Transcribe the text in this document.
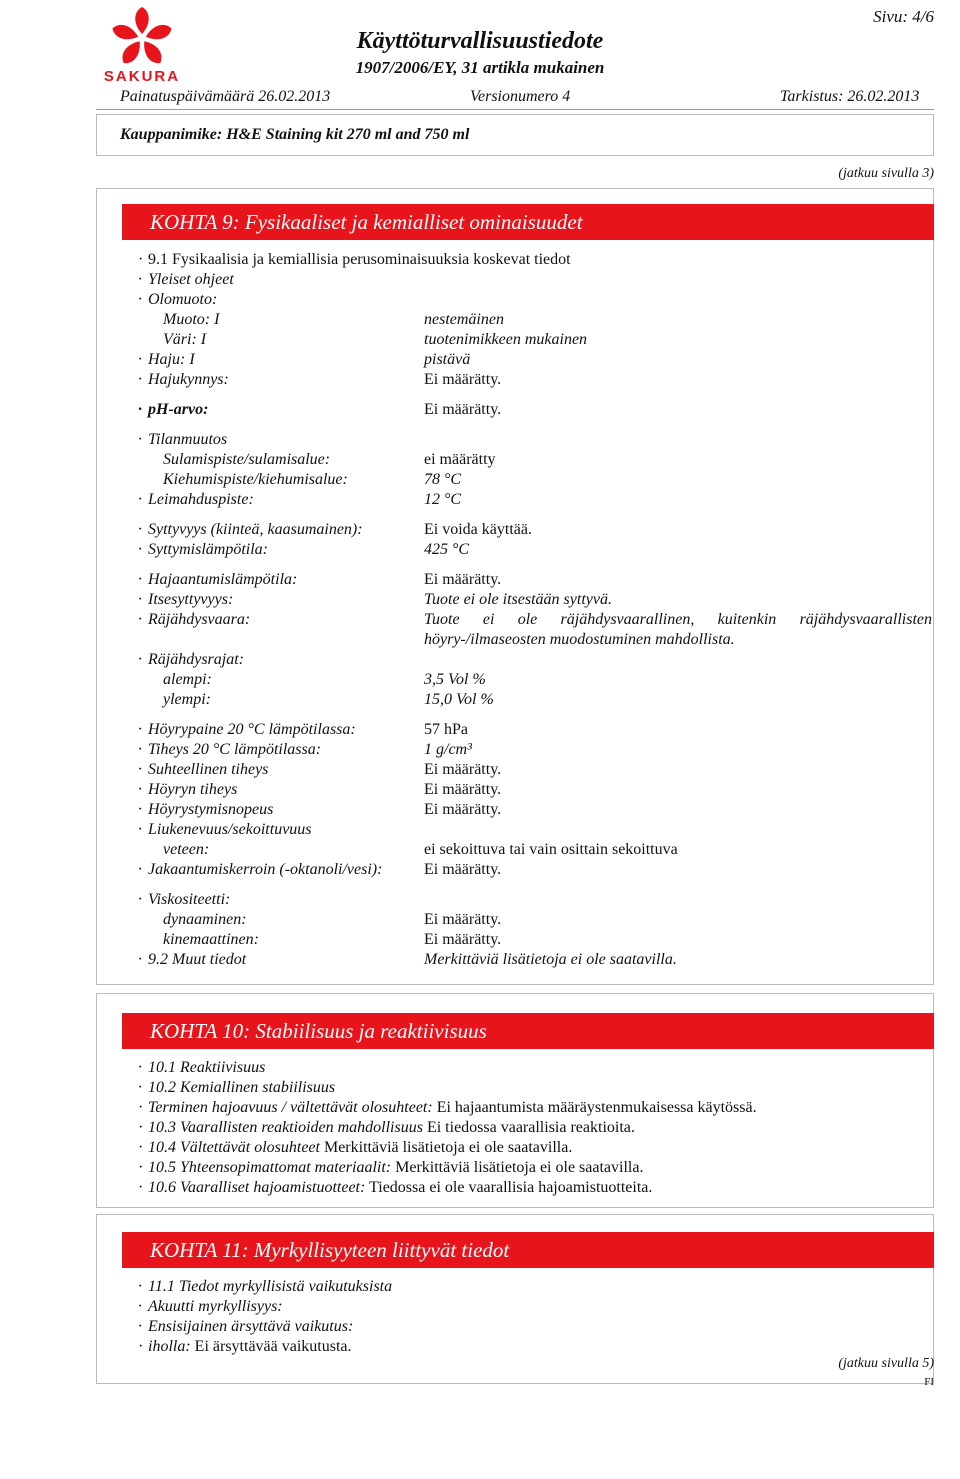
SAKURA
Sivu: 4/6
Käyttöturvallisuustiedote
1907/2006/EY, 31 artikla mukainen
Painatuspäivämäärä 26.02.2013	Versionumero 4	Tarkistus: 26.02.2013
Kauppanimike: H&E Staining kit 270 ml and 750 ml
(jatkuu sivulla 3)
KOHTA 9: Fysikaaliset ja kemialliset ominaisuudet
· 9.1 Fysikaalisia ja kemiallisia perusominaisuuksia koskevat tiedot
· Yleiset ohjeet
· Olomuoto:
Muoto: I	nestemäinen
Väri: I	tuotenimikkeen mukainen
· Haju: I	pistävä
· Hajukynnys:	Ei määrätty.
· pH-arvo:	Ei määrätty.
· Tilanmuutos
Sulamispiste/sulamisalue:	ei määrätty
Kiehumispiste/kiehumisalue:	78 °C
· Leimahduspiste:	12 °C
· Syttyvyys (kiinteä, kaasumainen):	Ei voida käyttää.
· Syttymislämpötila:	425 °C
· Hajaantumislämpötila:	Ei määrätty.
· Itsesyttyvyys:	Tuote ei ole itsestään syttyvä.
· Räjähdysvaara:	Tuote ei ole räjähdysvaarallinen, kuitenkin räjähdysvaarallisten höyry-/ilmaseosten muodostuminen mahdollista.
· Räjähdysrajat:
alempi:	3,5 Vol %
ylempi:	15,0 Vol %
· Höyrypaine 20 °C lämpötilassa:	57 hPa
· Tiheys 20 °C lämpötilassa:	1 g/cm³
· Suhteellinen tiheys	Ei määrätty.
· Höyryn tiheys	Ei määrätty.
· Höyrystymisnopeus	Ei määrätty.
· Liukenevuus/sekoittuvuus
veteen:	ei sekoittuva tai vain osittain sekoittuva
· Jakaantumiskerroin (-oktanoli/vesi):	Ei määrätty.
· Viskositeetti:
dynaaminen:	Ei määrätty.
kinemaattinen:	Ei määrätty.
· 9.2 Muut tiedot	Merkittäviä lisätietoja ei ole saatavilla.
KOHTA 10: Stabiilisuus ja reaktiivisuus
· 10.1 Reaktiivisuus
· 10.2 Kemiallinen stabiilisuus
· Terminen hajoavuus / vältettävät olosuhteet: Ei hajaantumista määräystenmukaisessa käytössä.
· 10.3 Vaarallisten reaktioiden mahdollisuus Ei tiedossa vaarallisia reaktioita.
· 10.4 Vältettävät olosuhteet Merkittäviä lisätietoja ei ole saatavilla.
· 10.5 Yhteensopimattomat materiaalit: Merkittäviä lisätietoja ei ole saatavilla.
· 10.6 Vaaralliset hajoamistuotteet: Tiedossa ei ole vaarallisia hajoamistuotteita.
KOHTA 11: Myrkyllisyyteen liittyvät tiedot
· 11.1 Tiedot myrkyllisistä vaikutuksista
· Akuutti myrkyllisyys:
· Ensisijainen ärsyttävä vaikutus:
· iholla: Ei ärsyttävää vaikutusta.
(jatkuu sivulla 5)
FI
